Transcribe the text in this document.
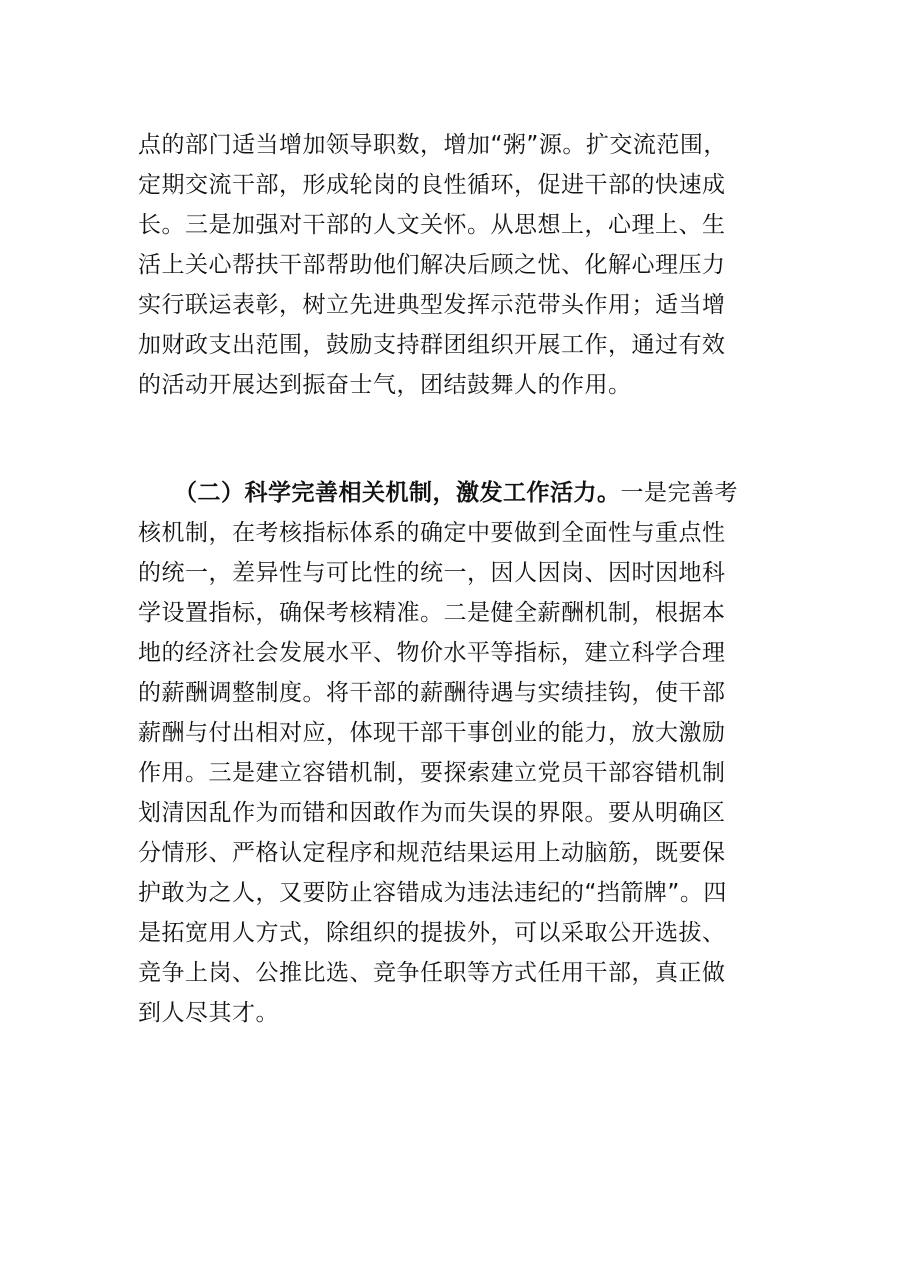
点的部门适当增加领导职数，增加“粥”源。扩交流范围，
定期交流干部，形成轮岗的良性循环，促进干部的快速成
长。三是加强对干部的人文关怀。从思想上，心理上、生
活上关心帮扶干部帮助他们解决后顾之忧、化解心理压力
实行联运表彰，树立先进典型发挥示范带头作用；适当增
加财政支出范围，鼓励支持群团组织开展工作，通过有效
的活动开展达到振奋士气，团结鼓舞人的作用。
（二）科学完善相关机制，激发工作活力。一是完善考
核机制，在考核指标体系的确定中要做到全面性与重点性
的统一，差异性与可比性的统一，因人因岗、因时因地科
学设置指标，确保考核精准。二是健全薪酬机制，根据本
地的经济社会发展水平、物价水平等指标，建立科学合理
的薪酬调整制度。将干部的薪酬待遇与实绩挂钩，使干部
薪酬与付出相对应，体现干部干事创业的能力，放大激励
作用。三是建立容错机制，要探索建立党员干部容错机制
划清因乱作为而错和因敢作为而失误的界限。要从明确区
分情形、严格认定程序和规范结果运用上动脑筋，既要保
护敢为之人，又要防止容错成为违法违纪的“挡箭牌”。四
是拓宽用人方式，除组织的提拔外，可以采取公开选拔、
竞争上岗、公推比选、竞争任职等方式任用干部，真正做
到人尽其才。
